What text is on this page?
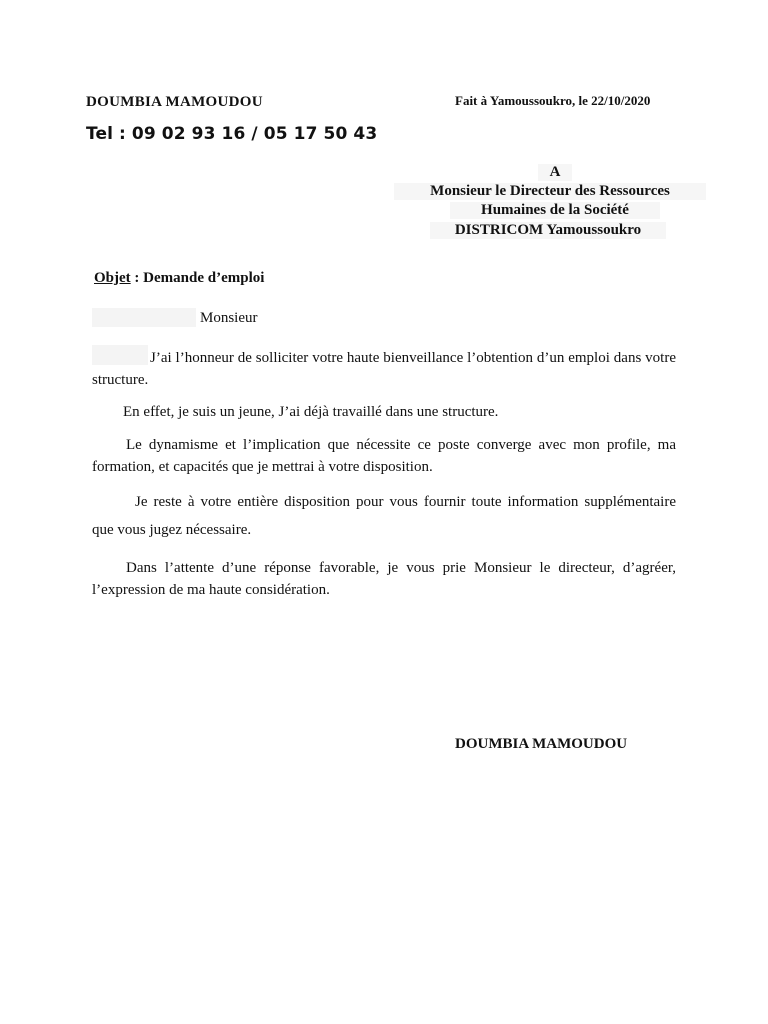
DOUMBIA MAMOUDOU
Tel : 09 02 93 16 / 05 17 50 43
Fait à Yamoussoukro, le 22/10/2020
A
Monsieur le Directeur des Ressources
Humaines de la Société
DISTRICOM Yamoussoukro
Objet : Demande d’emploi
Monsieur
J’ai l’honneur de solliciter votre haute bienveillance l’obtention d’un emploi dans votre structure.
En effet, je suis un jeune, J’ai déjà travaillé dans une structure.
Le dynamisme et l’implication que nécessite ce poste converge avec mon profile, ma formation, et capacités que je mettrai à votre disposition.
Je reste à votre entière disposition pour vous fournir toute information supplémentaire que vous jugez nécessaire.
Dans l’attente d’une réponse favorable, je vous prie Monsieur le directeur, d’agréer, l’expression de ma haute considération.
DOUMBIA MAMOUDOU
